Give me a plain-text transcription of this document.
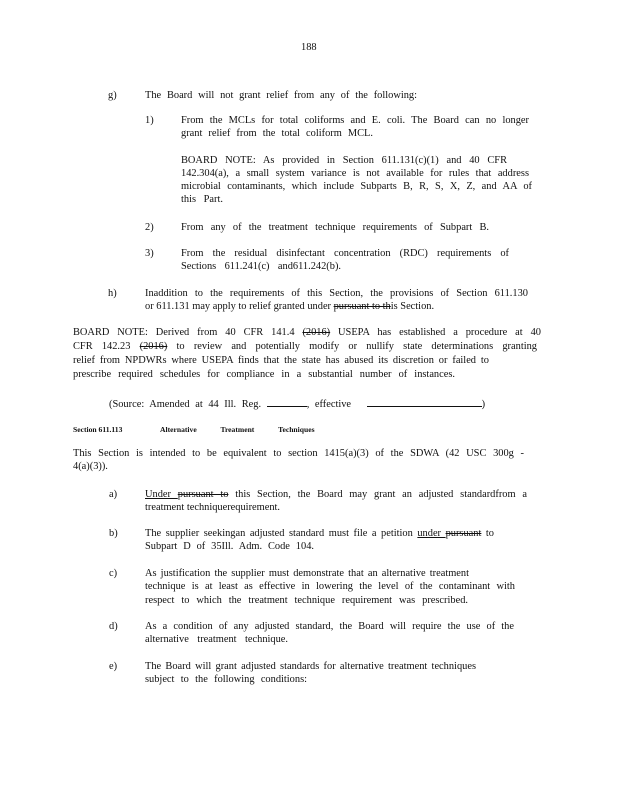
188
g)	The Board will not grant relief from any of the following:
1)	From the MCLs for total coliforms and E. coli. The Board can no longer
grant relief from the total coliform MCL.
BOARD NOTE: As provided in Section 611.131(c)(1) and 40 CFR
142.304(a), a small system variance is not available for rules that address
microbial contaminants, which include Subparts B, R, S, X, Z, and AA of
this Part.
2)	From any of the treatment technique requirements of Subpart B.
3)	From the residual disinfectant concentration (RDC) requirements of
Sections 611.241(c) and611.242(b).
h)	Inaddition to the requirements of this Section, the provisions of Section 611.130
or 611.131 may apply to relief granted under pursuant to this Section.
BOARD NOTE: Derived from 40 CFR 141.4 (2016) USEPA has established a procedure at 40
CFR 142.23 (2016) to review and potentially modify or nullify state determinations granting
relief from NPDWRs where USEPA finds that the state has abused its discretion or failed to
prescribe required schedules for compliance in a substantial number of instances.
(Source: Amended at 44 Ill. Reg.	, effective	)
Section 611.113	Alternative Treatment Techniques
This Section is intended to be equivalent to section 1415(a)(3) of the SDWA (42 USC 300g -
4(a)(3)).
a)	Under pursuant to this Section, the Board may grant an adjusted standardfrom a
treatment techniquerequirement.
b)	The supplier seekingan adjusted standard must file a petition under pursuant to
Subpart D of 35Ill. Adm. Code 104.
c)	As justification the supplier must demonstrate that an alternative treatment
technique is at least as effective in lowering the level of the contaminant with
respect to which the treatment technique requirement was prescribed.
d)	As a condition of any adjusted standard, the Board will require the use of the
alternative treatment technique.
e)	The Board will grant adjusted standards for alternative treatment techniques
subject to the following conditions:
